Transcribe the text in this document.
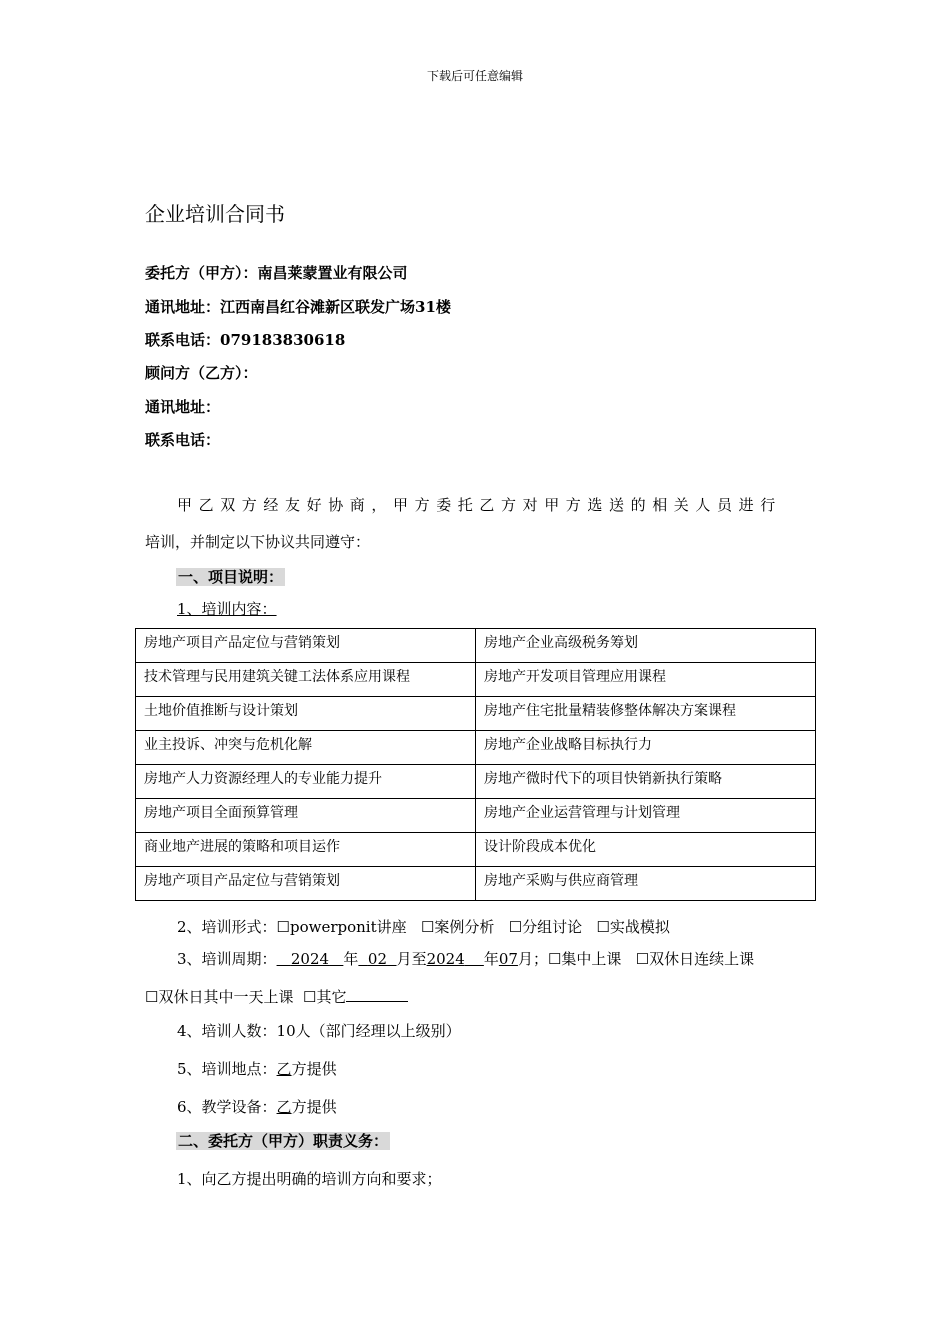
下载后可任意编辑
企业培训合同书
委托方（甲方）：南昌莱蒙置业有限公司
通讯地址：江西南昌红谷滩新区联发广场31楼
联系电话：079183830618
顾问方（乙方）：
通讯地址：
联系电话：
甲乙双方经友好协商，甲方委托乙方对甲方选送的相关人员进行
培训，并制定以下协议共同遵守：
一、项目说明：
1、培训内容：
房地产项目产品定位与营销策划	房地产企业高级税务筹划
技术管理与民用建筑关键工法体系应用课程	房地产开发项目管理应用课程
土地价值推断与设计策划	房地产住宅批量精装修整体解决方案课程
业主投诉、冲突与危机化解	房地产企业战略目标执行力
房地产人力资源经理人的专业能力提升	房地产微时代下的项目快销新执行策略
房地产项目全面预算管理	房地产企业运营管理与计划管理
商业地产进展的策略和项目运作	设计阶段成本优化
房地产项目产品定位与营销策划	房地产采购与供应商管理
2、培训形式：☐powerponit讲座 ☐案例分析 ☐分组讨论 ☐实战模拟
3、培训周期： 2024 年 02 月至2024 年07月；☐集中上课 ☐双休日连续上课
☐双休日其中一天上课 ☐其它
4、培训人数：10人（部门经理以上级别）
5、培训地点：乙方提供
6、教学设备：乙方提供
二、委托方（甲方）职责义务：
1、向乙方提出明确的培训方向和要求；
